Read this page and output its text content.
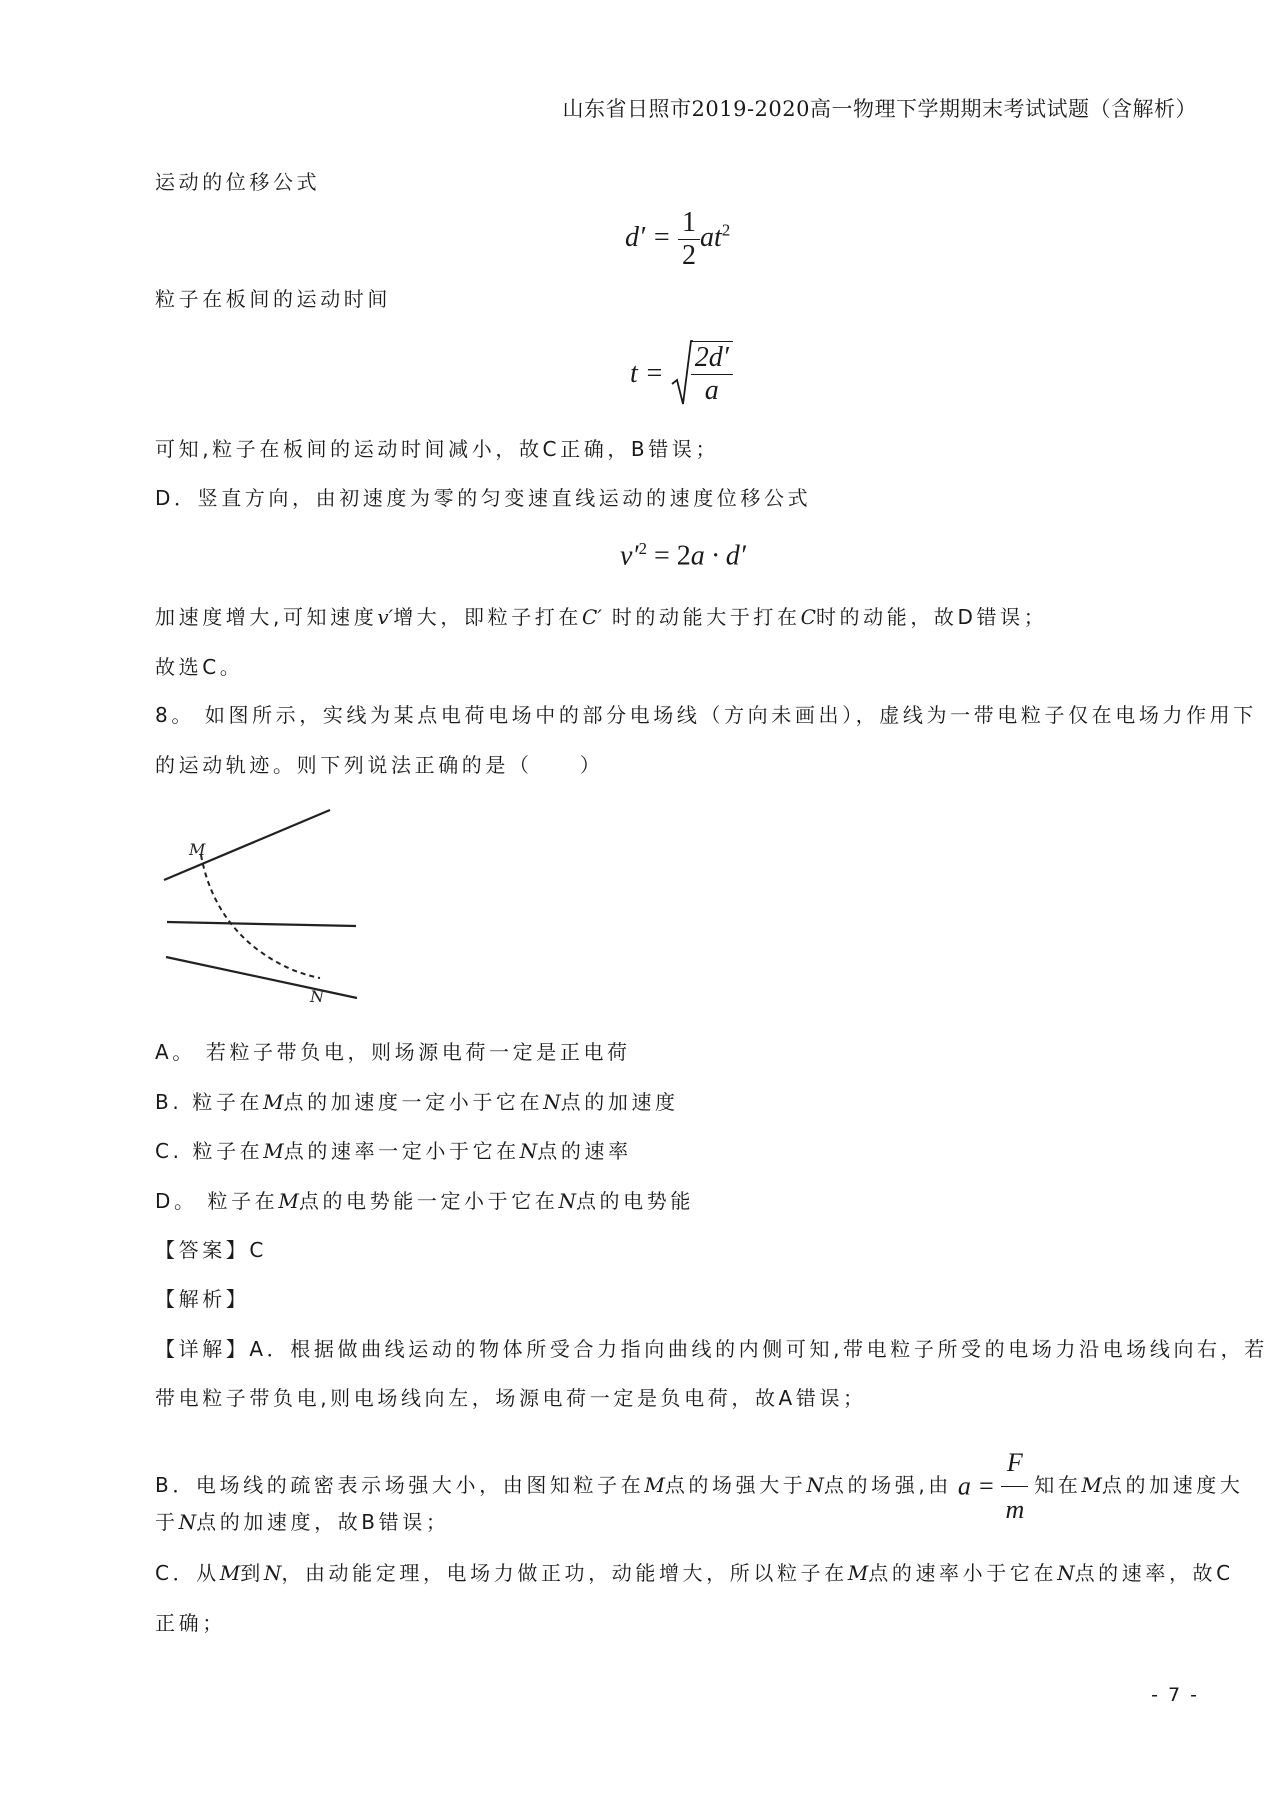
山东省日照市2019-2020高一物理下学期期末考试试题（含解析）
运动的位移公式
$d' = \frac{1}{2} at^2$
粒子在板间的运动时间
$t = \frac{2d'}{a}$
可知,粒子在板间的运动时间减小，故C正确，B错误；
D．竖直方向，由初速度为零的匀变速直线运动的速度位移公式
$v'^2 = 2a \cdot d'$
加速度增大,可知速度v′增大，即粒子打在C′ 时的动能大于打在C时的动能，故D错误；
故选C。
8。 如图所示，实线为某点电荷电场中的部分电场线（方向未画出），虚线为一带电粒子仅在电场力作用下
的运动轨迹。则下列说法正确的是（　　）
M
N
A。 若粒子带负电，则场源电荷一定是正电荷
B. 粒子在M点的加速度一定小于它在N点的加速度
C. 粒子在M点的速率一定小于它在N点的速率
D。 粒子在M点的电势能一定小于它在N点的电势能
【答案】C
【解析】
【详解】A．根据做曲线运动的物体所受合力指向曲线的内侧可知,带电粒子所受的电场力沿电场线向右，若
带电粒子带负电,则电场线向左，场源电荷一定是负电荷，故A错误；
B．电场线的疏密表示场强大小，由图知粒子在M点的场强大于N点的场强,由 $a = \frac{F}{m}$ 知在M点的加速度大
于N点的加速度，故B错误；
C．从M到N，由动能定理，电场力做正功，动能增大，所以粒子在M点的速率小于它在N点的速率，故C
正确；
- 7 -
